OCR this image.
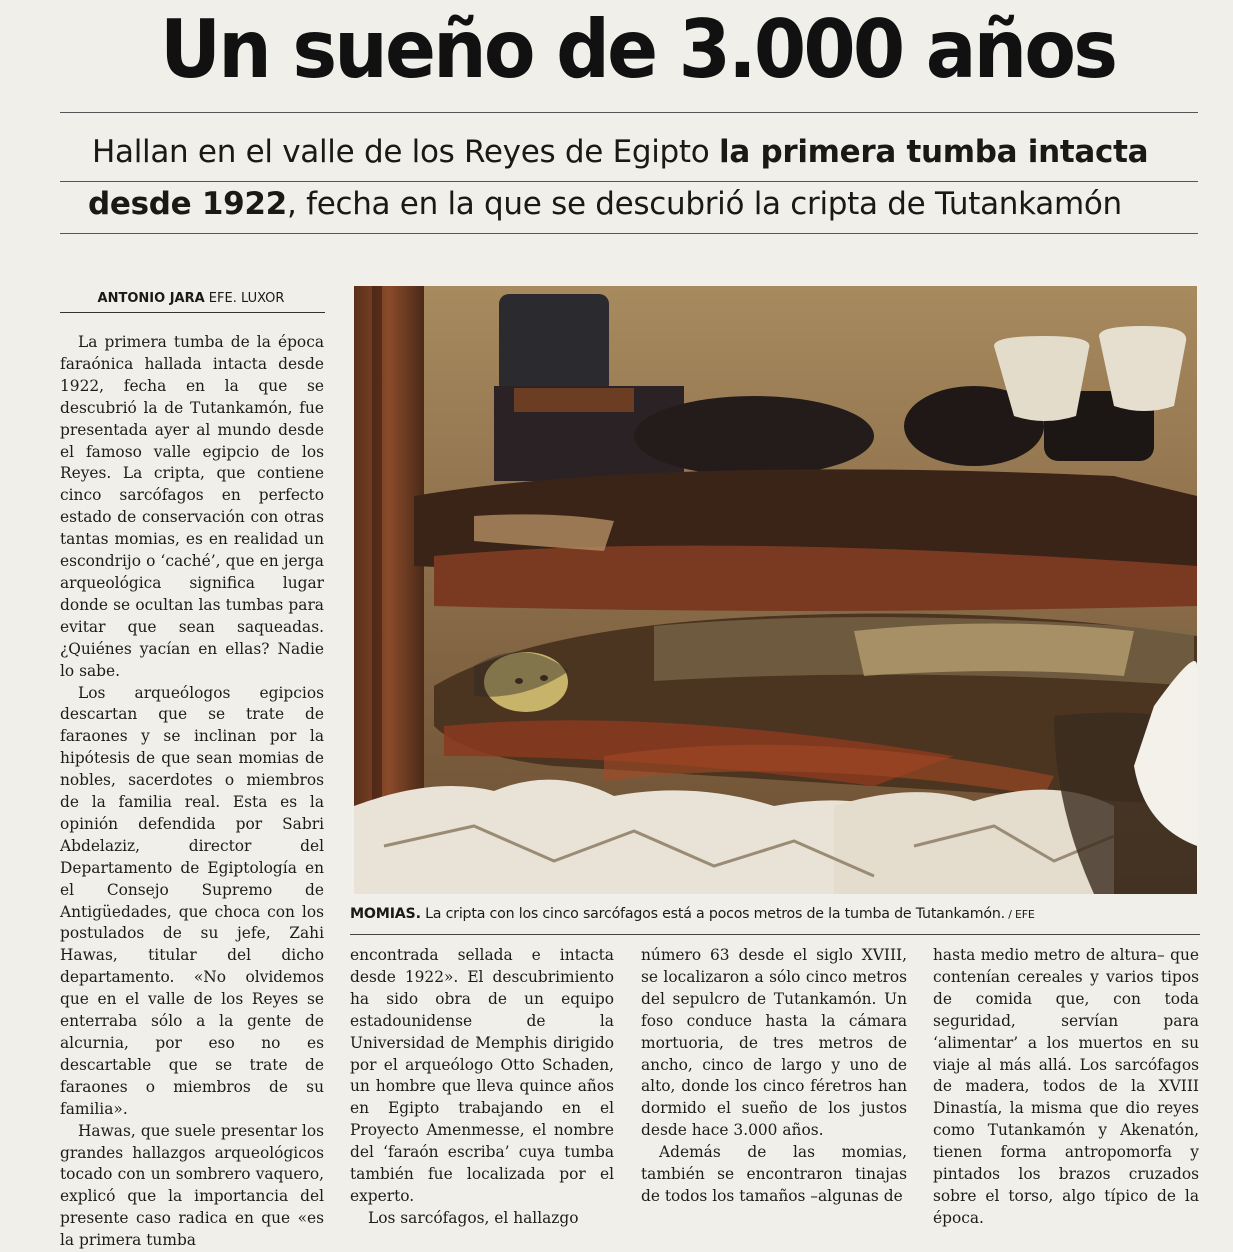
Un sueño de 3.000 años
Hallan en el valle de los Reyes de Egipto la primera tumba intacta
desde 1922, fecha en la que se descubrió la cripta de Tutankamón
ANTONIO JARA EFE. LUXOR

La primera tumba de la época faraónica hallada intacta desde 1922, fecha en la que se descubrió la de Tutankamón, fue presentada ayer al mundo desde el famoso valle egipcio de los Reyes. La cripta, que contiene cinco sarcófagos en perfecto estado de conservación con otras tantas momias, es en realidad un escondrijo o ‘caché’, que en jerga arqueológica significa lugar donde se ocultan las tumbas para evitar que sean saqueadas. ¿Quiénes yacían en ellas? Nadie lo sabe.

Los arqueólogos egipcios descartan que se trate de faraones y se inclinan por la hipótesis de que sean momias de nobles, sacerdotes o miembros de la familia real. Esta es la opinión defendida por Sabri Abdelaziz, director del Departamento de Egiptología en el Consejo Supremo de Antigüedades, que choca con los postulados de su jefe, Zahi Hawas, titular del dicho departamento. «No olvidemos que en el valle de los Reyes se enterraba sólo a la gente de alcurnia, por eso no es descartable que se trate de faraones o miembros de su familia».

Hawas, que suele presentar los grandes hallazgos arqueológicos tocado con un sombrero vaquero, explicó que la importancia del presente caso radica en que «es la primera tumba

MOMIAS. La cripta con los cinco sarcófagos está a pocos metros de la tumba de Tutankamón. / EFE

encontrada sellada e intacta desde 1922». El descubrimiento ha sido obra de un equipo estadounidense de la Universidad de Memphis dirigido por el arqueólogo Otto Schaden, un hombre que lleva quince años en Egipto trabajando en el Proyecto Amenmesse, el nombre del ‘faraón escriba’ cuya tumba también fue localizada por el experto.

Los sarcófagos, el hallazgo

número 63 desde el siglo XVIII, se localizaron a sólo cinco metros del sepulcro de Tutankamón. Un foso conduce hasta la cámara mortuoria, de tres metros de ancho, cinco de largo y uno de alto, donde los cinco féretros han dormido el sueño de los justos desde hace 3.000 años.

Además de las momias, también se encontraron tinajas de todos los tamaños –algunas de

hasta medio metro de altura– que contenían cereales y varios tipos de comida que, con toda seguridad, servían para ‘alimentar’ a los muertos en su viaje al más allá. Los sarcófagos de madera, todos de la XVIII Dinastía, la misma que dio reyes como Tutankamón y Akenatón, tienen forma antropomorfa y pintados los brazos cruzados sobre el torso, algo típico de la época.
